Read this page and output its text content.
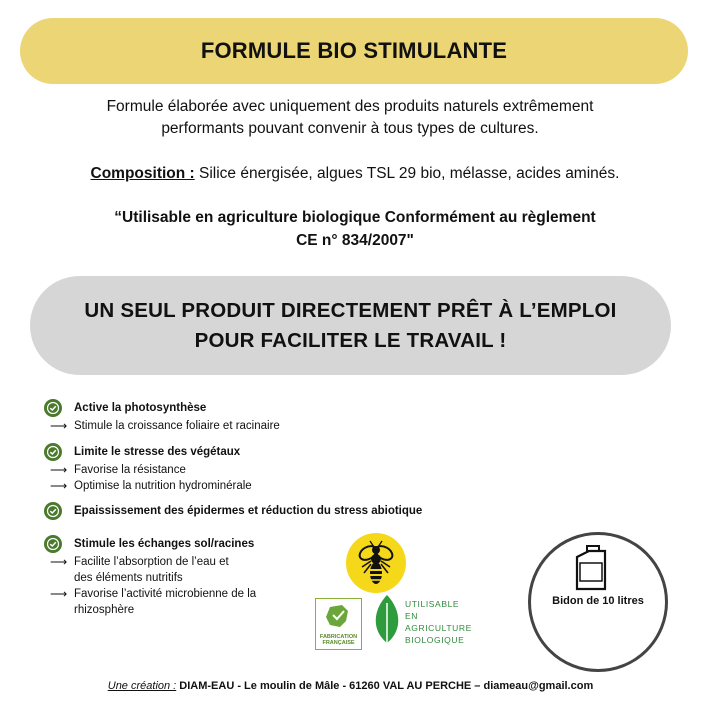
FORMULE BIO STIMULANTE
Formule élaborée avec uniquement des produits naturels extrêmement
performants pouvant convenir à tous types de cultures.
Composition : Silice énergisée, algues TSL 29 bio, mélasse, acides aminés.
“Utilisable en agriculture biologique Conformément au règlement
CE n° 834/2007"
UN SEUL PRODUIT DIRECTEMENT PRÊT À L’EMPLOI
POUR FACILITER LE TRAVAIL !
Active la photosynthèse
⟶ Stimule la croissance foliaire et racinaire
Limite le stresse des végétaux
⟶ Favorise la résistance
⟶ Optimise la nutrition hydrominérale
Epaississement des épidermes et réduction du stress abiotique
Stimule les échanges sol/racines
⟶ Facilite l’absorption de l’eau et
des éléments nutritifs
⟶ Favorise l’activité microbienne de la
rhizosphère
FABRICATION FRANÇAISE
UTILISABLE EN
AGRICULTURE
BIOLOGIQUE
Bidon de 10 litres
Une création : DIAM-EAU - Le moulin de Mâle - 61260 VAL AU PERCHE – diameau@gmail.com
